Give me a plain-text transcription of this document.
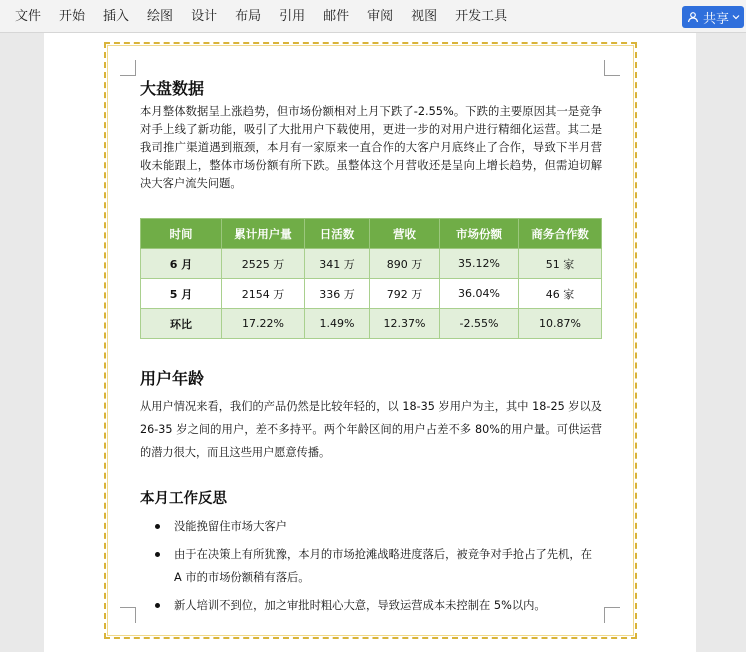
文件	开始	插入	绘图	设计	布局	引用	邮件	审阅	视图	开发工具	共享
大盘数据

本月整体数据呈上涨趋势，但市场份额相对上月下跌了-2.55%。下跌的主要原因其一是竞争对手上线了新功能，吸引了大批用户下载使用，更进一步的对用户进行精细化运营。其二是我司推广渠道遇到瓶颈，本月有一家原来一直合作的大客户月底终止了合作，导致下半月营收未能跟上，整体市场份额有所下跌。虽整体这个月营收还是呈向上增长趋势，但需迫切解决大客户流失问题。

时间	累计用户量	日活数	营收	市场份额	商务合作数
6 月	2525 万	341 万	890 万	35.12%	51 家
5 月	2154 万	336 万	792 万	36.04%	46 家
环比	17.22%	1.49%	12.37%	-2.55%	10.87%
用户年龄

从用户情况来看，我们的产品仍然是比较年轻的，以 18-35 岁用户为主，其中 18-25 岁以及 26-35 岁之间的用户，差不多持平。两个年龄区间的用户占差不多 80%的用户量。可供运营的潜力很大，而且这些用户愿意传播。

本月工作反思
没能挽留住市场大客户
由于在决策上有所犹豫，本月的市场抢滩战略进度落后，被竞争对手抢占了先机，在 A 市的市场份额稍有落后。
新人培训不到位，加之审批时粗心大意，导致运营成本未控制在 5%以内。
